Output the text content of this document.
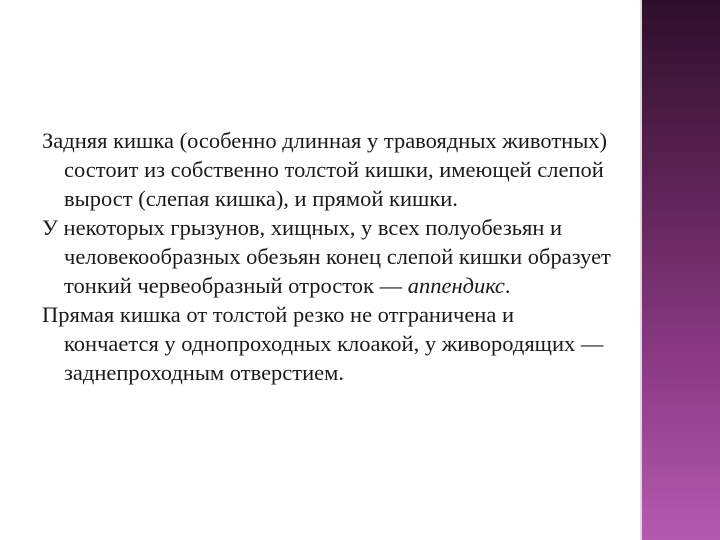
Задняя кишка (особенно длинная у травоядных животных) состоит из собственно толстой кишки, имеющей слепой вырост (слепая кишка), и прямой кишки.

У некоторых грызунов, хищных, у всех полуобезьян и человекообразных обезьян конец слепой кишки образует тонкий червеобразный отросток — аппендикс.

Прямая кишка от толстой резко не отграничена и кончается у однопроходных клоакой, у живородящих — заднепроходным отверстием.
